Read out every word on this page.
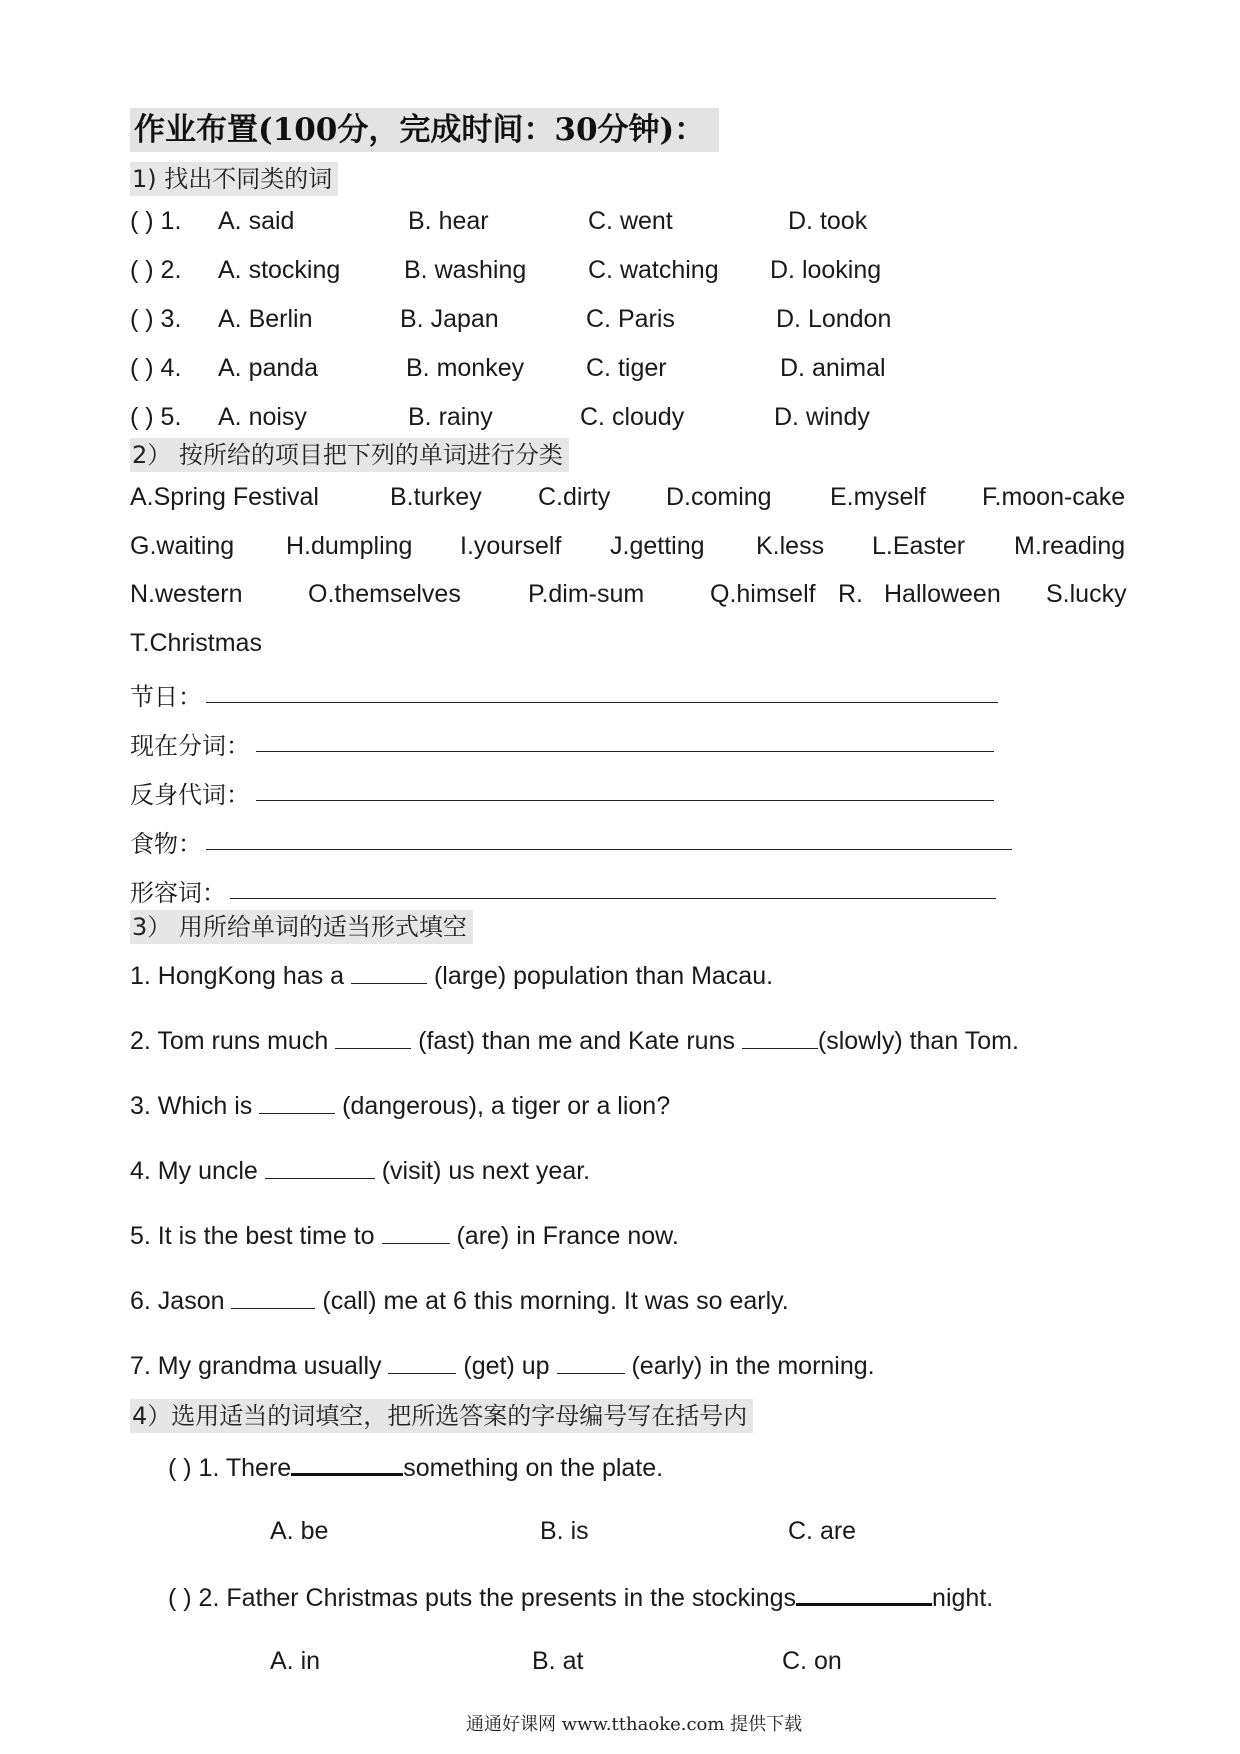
作业布置(100分，完成时间：30分钟)：
1) 找出不同类的词
( ) 1. A. said	B. hear	C. went	D. took
( ) 2. A. stocking	B. washing C. watching D. looking
( ) 3. A. Berlin	B. Japan	C. Paris	D. London
( ) 4. A. panda	B. monkey C. tiger	D. animal
( ) 5. A. noisy	B. rainy	C. cloudy	D. windy
2） 按所给的项目把下列的单词进行分类
A.Spring Festival	B.turkey C.dirty D.coming E.myself F.moon-cake
G.waiting H.dumpling I.yourself J.getting K.less L.Easter M.reading
N.western	O.themselves	P.dim-sum	Q.himself R. Halloween S.lucky
T.Christmas
节日：
现在分词：
反身代词：
食物：
形容词：
3） 用所给单词的适当形式填空
1. HongKong has a	(large) population than Macau.
2. Tom runs much	(fast) than me and Kate runs	(slowly) than Tom.
3. Which is	(dangerous), a tiger or a lion?
4. My uncle	(visit) us next year.
5. It is the best time to	(are) in France now.
6. Jason	(call) me at 6 this morning. It was so early.
7. My grandma usually	(get) up	(early) in the morning.
4）选用适当的词填空，把所选答案的字母编号写在括号内
( ) 1. There	something on the plate.
A. be	B. is	C. are
( ) 2. Father Christmas puts the presents in the stockings	night.
A. in	B. at	C. on
通通好课网 www.tthaoke.com 提供下载
